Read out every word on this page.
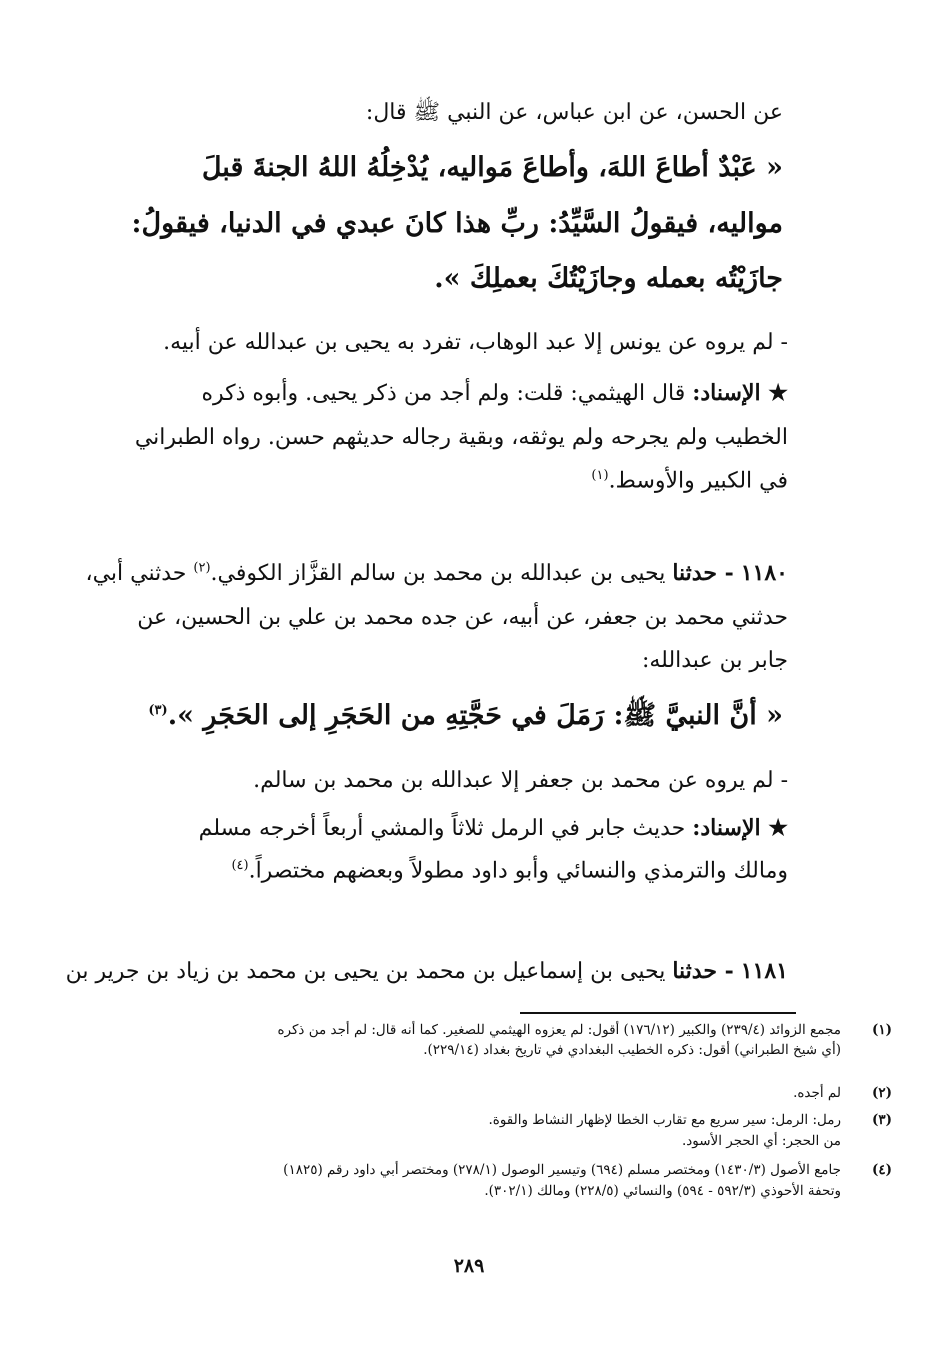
عن الحسن، عن ابن عباس، عن النبي ﷺ قال:
« عَبْدٌ أطاعَ اللهَ، وأطاعَ مَواليه، يُدْخِلُهُ اللهُ الجنةَ قبلَ
مواليه، فيقولُ السَّيِّدُ: ربِّ هذا كانَ عبدي في الدنيا، فيقولُ:
جازَيْتُه بعمله وجازَيْتُكَ بعملِكَ ».
- لم يروه عن يونس إلا عبد الوهاب، تفرد به يحيى بن عبدالله عن أبيه.
★ الإسناد: قال الهيثمي: قلت: ولم أجد من ذكر يحيى. وأبوه ذكره
الخطيب ولم يجرحه ولم يوثقه، وبقية رجاله حديثهم حسن. رواه الطبراني
في الكبير والأوسط.$^{(١)}$
١١٨٠ - حدثنا يحيى بن عبدالله بن محمد بن سالم القزَّاز الكوفي.$^{(٢)}$ حدثني أبي،
حدثني محمد بن جعفر، عن أبيه، عن جده محمد بن علي بن الحسين، عن
جابر بن عبدالله:
« أنَّ النبيَّ ﷺ: رَمَلَ في حَجَّتِهِ من الحَجَرِ إلى الحَجَرِ ».$^{(٣)}$
- لم يروه عن محمد بن جعفر إلا عبدالله بن محمد بن سالم.
★ الإسناد: حديث جابر في الرمل ثلاثاً والمشي أربعاً أخرجه مسلم
ومالك والترمذي والنسائي وأبو داود مطولاً وبعضهم مختصراً.$^{(٤)}$
١١٨١ - حدثنا يحيى بن إسماعيل بن محمد بن يحيى بن محمد بن زياد بن جرير بن
(١)
مجمع الزوائد (٢٣٩/٤) والكبير (١٧٦/١٢) أقول: لم يعزوه الهيثمي للصغير. كما أنه قال: لم أجد من ذكره
(أي شيخ الطبراني) أقول: ذكره الخطيب البغدادي في تاريخ بغداد (٢٢٩/١٤).
(٢)
لم أجده.
(٣)
رمل: الرمل: سير سريع مع تقارب الخطا لإظهار النشاط والقوة.
من الحجر: أي الحجر الأسود.
(٤)
جامع الأصول (١٤٣٠/٣) ومختصر مسلم (٦٩٤) وتيسير الوصول (٢٧٨/١) ومختصر أبي داود رقم (١٨٢٥)
وتحفة الأحوذي (٥٩٢/٣ - ٥٩٤) والنسائي (٢٢٨/٥) ومالك (٣٠٢/١).
٢٨٩
